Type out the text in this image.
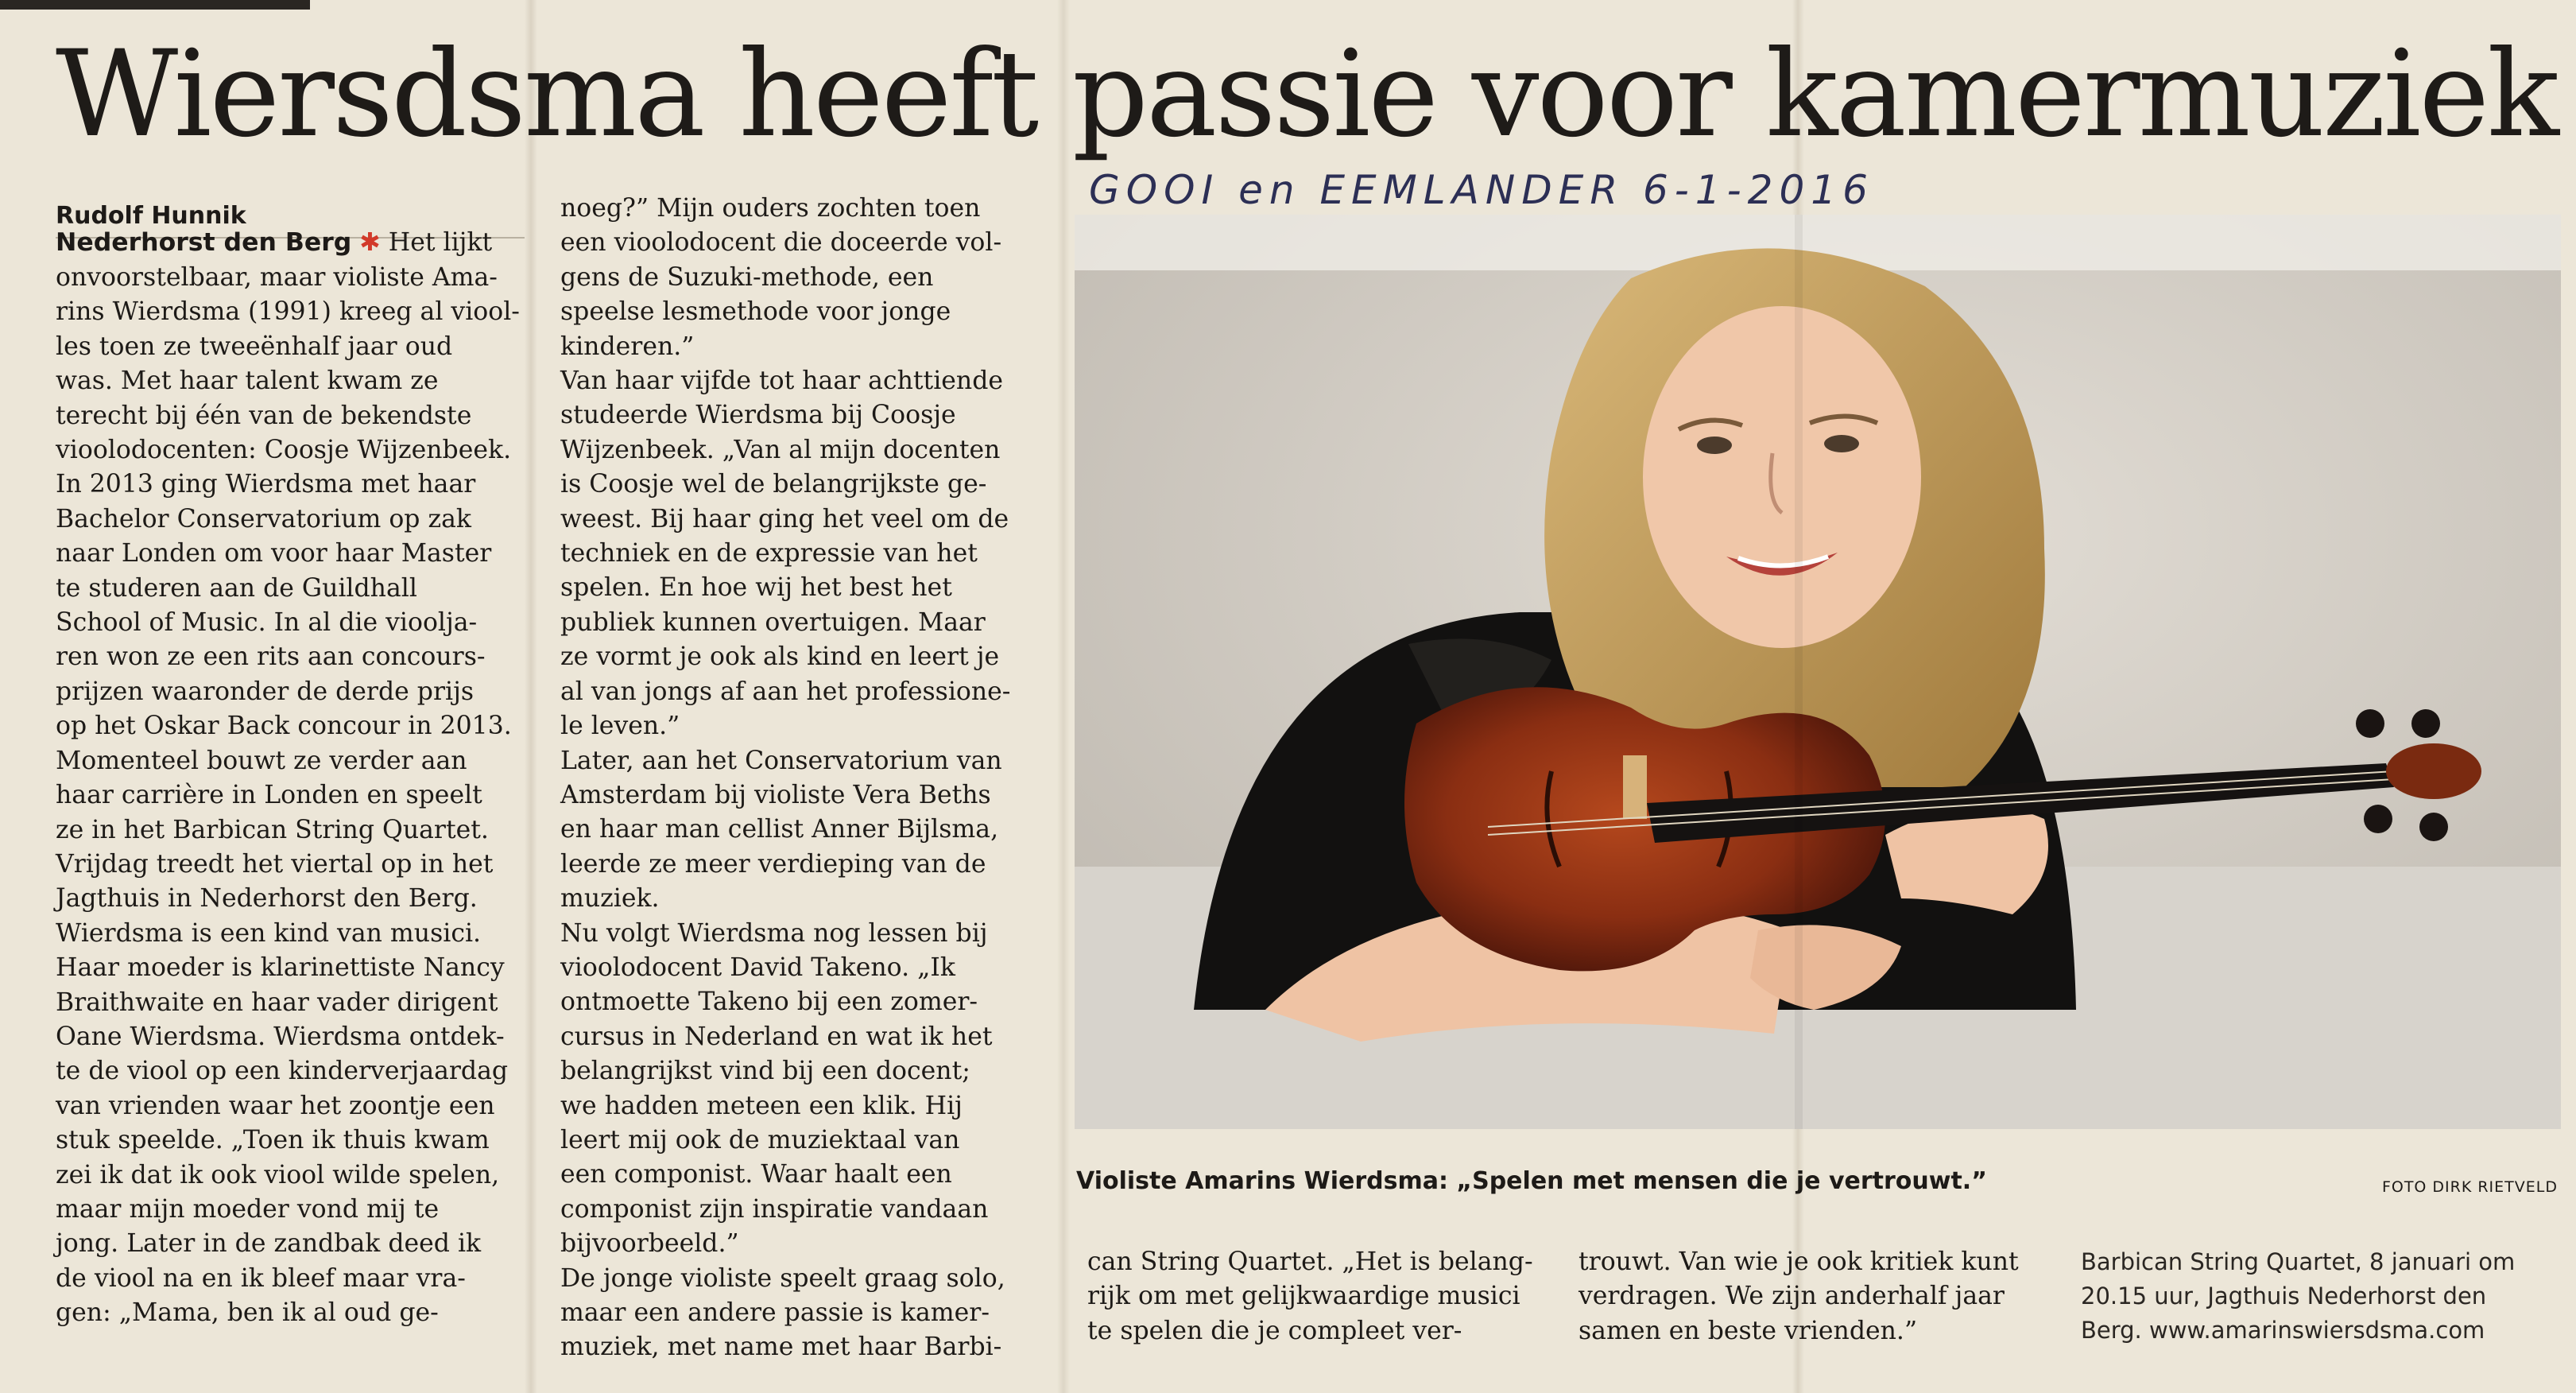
Wiersdsma heeft passie voor kamermuziek
GOOI en EEMLANDER 6-1-2016
Rudolf Hunnik
Nederhorst den Berg ✱ Het lijkt
onvoorstelbaar, maar violiste Ama-
rins Wierdsma (1991) kreeg al viool-
les toen ze tweeënhalf jaar oud
was. Met haar talent kwam ze
terecht bij één van de bekendste
vioolodocenten: Coosje Wijzenbeek.
In 2013 ging Wierdsma met haar
Bachelor Conservatorium op zak
naar Londen om voor haar Master
te studeren aan de Guildhall
School of Music. In al die vioolja-
ren won ze een rits aan concours-
prijzen waaronder de derde prijs
op het Oskar Back concour in 2013.
Momenteel bouwt ze verder aan
haar carrière in Londen en speelt
ze in het Barbican String Quartet.
Vrijdag treedt het viertal op in het
Jagthuis in Nederhorst den Berg.
Wierdsma is een kind van musici.
Haar moeder is klarinettiste Nancy
Braithwaite en haar vader dirigent
Oane Wierdsma. Wierdsma ontdek-
te de viool op een kinderverjaardag
van vrienden waar het zoontje een
stuk speelde. „Toen ik thuis kwam
zei ik dat ik ook viool wilde spelen,
maar mijn moeder vond mij te
jong. Later in de zandbak deed ik
de viool na en ik bleef maar vra-
gen: „Mama, ben ik al oud ge-
noeg?” Mijn ouders zochten toen
een vioolodocent die doceerde vol-
gens de Suzuki-methode, een
speelse lesmethode voor jonge
kinderen.”
Van haar vijfde tot haar achttiende
studeerde Wierdsma bij Coosje
Wijzenbeek. „Van al mijn docenten
is Coosje wel de belangrijkste ge-
weest. Bij haar ging het veel om de
techniek en de expressie van het
spelen. En hoe wij het best het
publiek kunnen overtuigen. Maar
ze vormt je ook als kind en leert je
al van jongs af aan het professione-
le leven.”
Later, aan het Conservatorium van
Amsterdam bij violiste Vera Beths
en haar man cellist Anner Bijlsma,
leerde ze meer verdieping van de
muziek.
Nu volgt Wierdsma nog lessen bij
vioolodocent David Takeno. „Ik
ontmoette Takeno bij een zomer-
cursus in Nederland en wat ik het
belangrijkst vind bij een docent;
we hadden meteen een klik. Hij
leert mij ook de muziektaal van
een componist. Waar haalt een
componist zijn inspiratie vandaan
bijvoorbeeld.”
De jonge violiste speelt graag solo,
maar een andere passie is kamer-
muziek, met name met haar Barbi-
Violiste Amarins Wierdsma: „Spelen met mensen die je vertrouwt.”	FOTO DIRK RIETVELD
can String Quartet. „Het is belang-
rijk om met gelijkwaardige musici
te spelen die je compleet ver-
trouwt. Van wie je ook kritiek kunt
verdragen. We zijn anderhalf jaar
samen en beste vrienden.”
Barbican String Quartet, 8 januari om
20.15 uur, Jagthuis Nederhorst den
Berg. www.amarinswiersdsma.com
